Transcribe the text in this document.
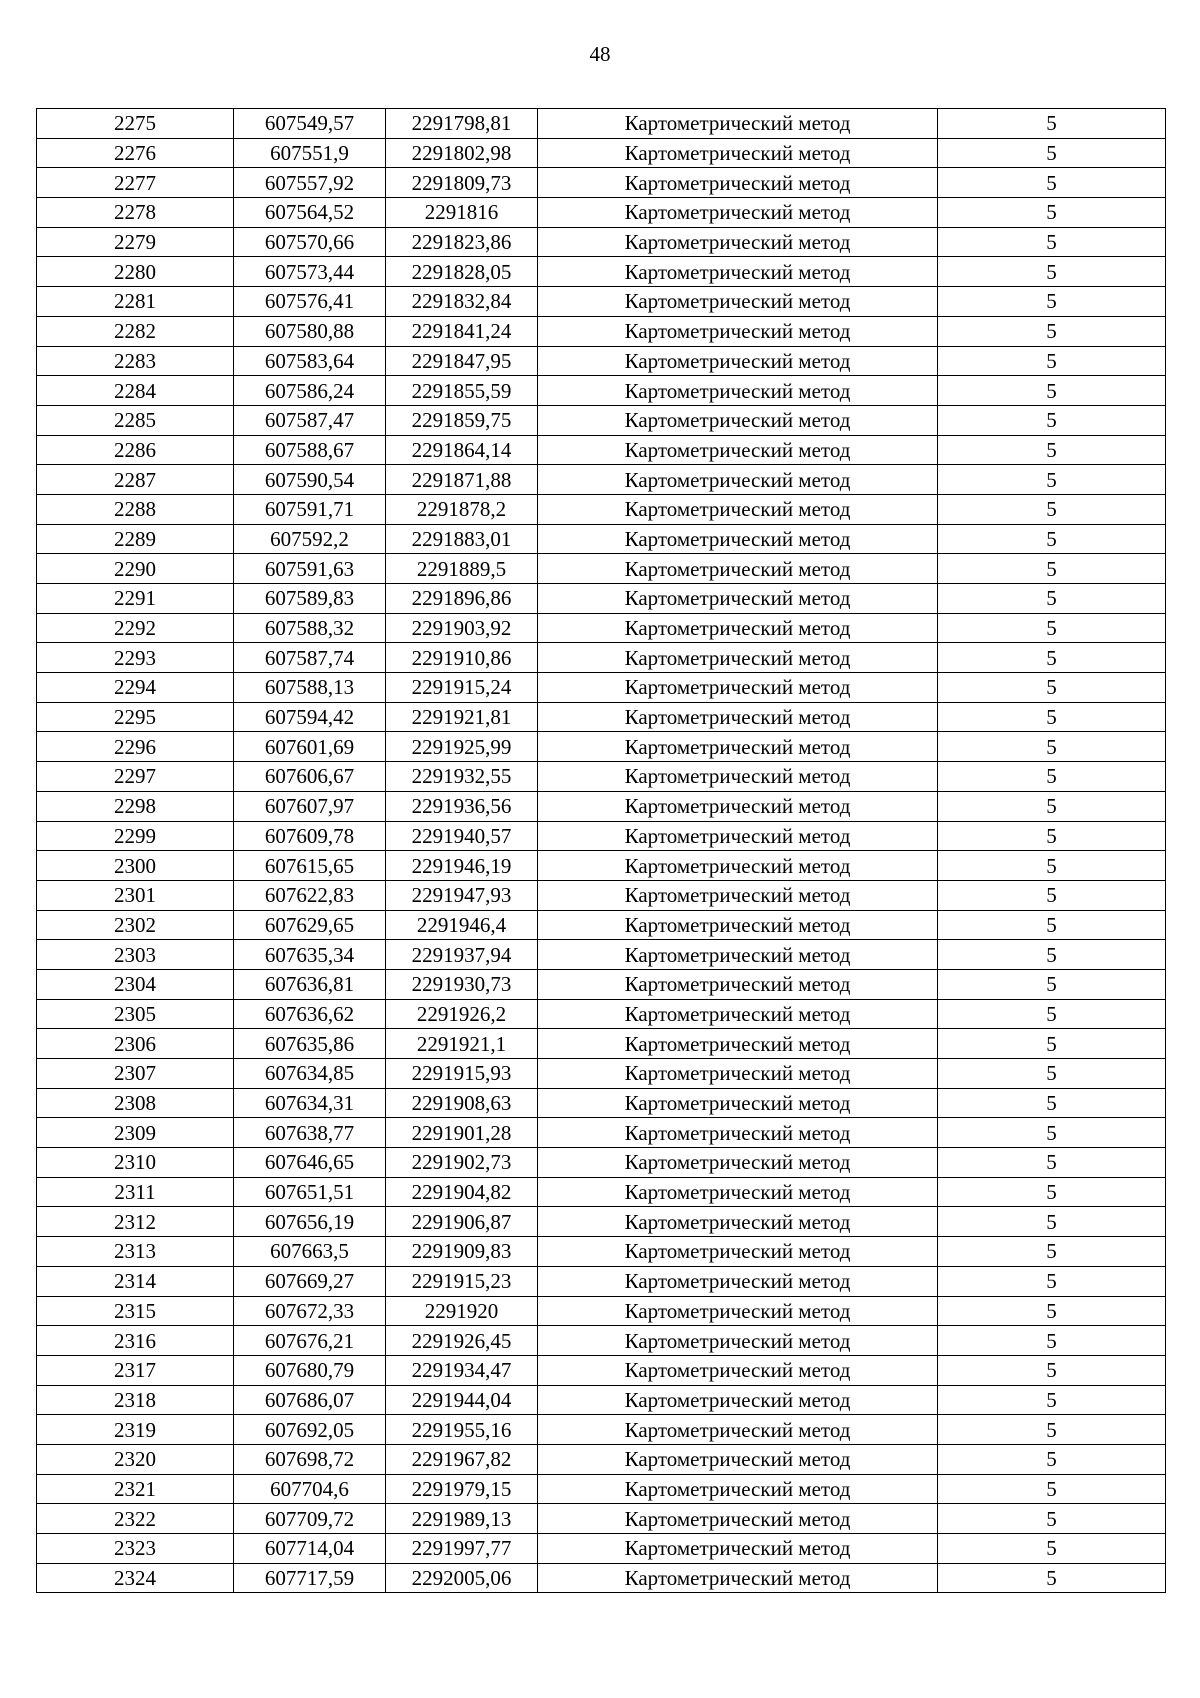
48
2275	607549,57	2291798,81	Картометрический метод	5
2276	607551,9	2291802,98	Картометрический метод	5
2277	607557,92	2291809,73	Картометрический метод	5
2278	607564,52	2291816	Картометрический метод	5
2279	607570,66	2291823,86	Картометрический метод	5
2280	607573,44	2291828,05	Картометрический метод	5
2281	607576,41	2291832,84	Картометрический метод	5
2282	607580,88	2291841,24	Картометрический метод	5
2283	607583,64	2291847,95	Картометрический метод	5
2284	607586,24	2291855,59	Картометрический метод	5
2285	607587,47	2291859,75	Картометрический метод	5
2286	607588,67	2291864,14	Картометрический метод	5
2287	607590,54	2291871,88	Картометрический метод	5
2288	607591,71	2291878,2	Картометрический метод	5
2289	607592,2	2291883,01	Картометрический метод	5
2290	607591,63	2291889,5	Картометрический метод	5
2291	607589,83	2291896,86	Картометрический метод	5
2292	607588,32	2291903,92	Картометрический метод	5
2293	607587,74	2291910,86	Картометрический метод	5
2294	607588,13	2291915,24	Картометрический метод	5
2295	607594,42	2291921,81	Картометрический метод	5
2296	607601,69	2291925,99	Картометрический метод	5
2297	607606,67	2291932,55	Картометрический метод	5
2298	607607,97	2291936,56	Картометрический метод	5
2299	607609,78	2291940,57	Картометрический метод	5
2300	607615,65	2291946,19	Картометрический метод	5
2301	607622,83	2291947,93	Картометрический метод	5
2302	607629,65	2291946,4	Картометрический метод	5
2303	607635,34	2291937,94	Картометрический метод	5
2304	607636,81	2291930,73	Картометрический метод	5
2305	607636,62	2291926,2	Картометрический метод	5
2306	607635,86	2291921,1	Картометрический метод	5
2307	607634,85	2291915,93	Картометрический метод	5
2308	607634,31	2291908,63	Картометрический метод	5
2309	607638,77	2291901,28	Картометрический метод	5
2310	607646,65	2291902,73	Картометрический метод	5
2311	607651,51	2291904,82	Картометрический метод	5
2312	607656,19	2291906,87	Картометрический метод	5
2313	607663,5	2291909,83	Картометрический метод	5
2314	607669,27	2291915,23	Картометрический метод	5
2315	607672,33	2291920	Картометрический метод	5
2316	607676,21	2291926,45	Картометрический метод	5
2317	607680,79	2291934,47	Картометрический метод	5
2318	607686,07	2291944,04	Картометрический метод	5
2319	607692,05	2291955,16	Картометрический метод	5
2320	607698,72	2291967,82	Картометрический метод	5
2321	607704,6	2291979,15	Картометрический метод	5
2322	607709,72	2291989,13	Картометрический метод	5
2323	607714,04	2291997,77	Картометрический метод	5
2324	607717,59	2292005,06	Картометрический метод	5
